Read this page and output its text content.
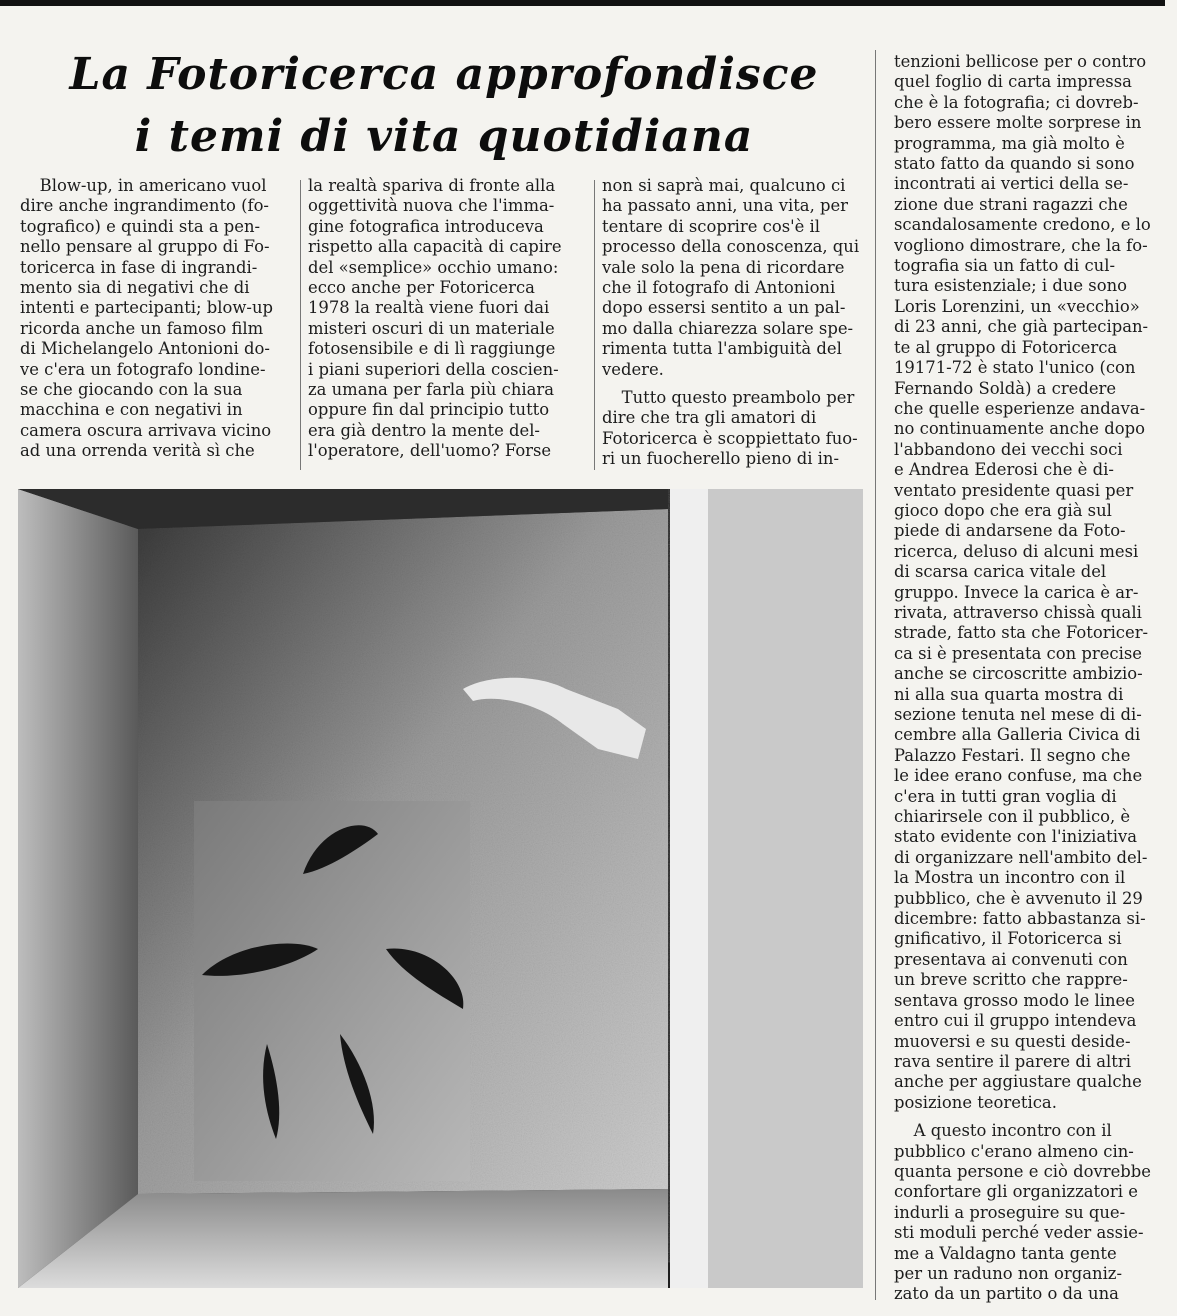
La Fotoricerca approfondisce
i temi di vita quotidiana

Blow-up, in americano vuol
dire anche ingrandimento (fo-
tografico) e quindi sta a pen-
nello pensare al gruppo di Fo-
toricerca in fase di ingrandi-
mento sia di negativi che di
intenti e partecipanti; blow-up
ricorda anche un famoso film
di Michelangelo Antonioni do-
ve c'era un fotografo londine-
se che giocando con la sua
macchina e con negativi in
camera oscura arrivava vicino
ad una orrenda verità sì che

la realtà spariva di fronte alla
oggettività nuova che l'imma-
gine fotografica introduceva
rispetto alla capacità di capire
del «semplice» occhio umano:
ecco anche per Fotoricerca
1978 la realtà viene fuori dai
misteri oscuri di un materiale
fotosensibile e di lì raggiunge
i piani superiori della coscien-
za umana per farla più chiara
oppure fin dal principio tutto
era già dentro la mente del-
l'operatore, dell'uomo? Forse

non si saprà mai, qualcuno ci
ha passato anni, una vita, per
tentare di scoprire cos'è il
processo della conoscenza, qui
vale solo la pena di ricordare
che il fotografo di Antonioni
dopo essersi sentito a un pal-
mo dalla chiarezza solare spe-
rimenta tutta l'ambiguità del
vedere.

Tutto questo preambolo per
dire che tra gli amatori di
Fotoricerca è scoppiettato fuo-
ri un fuocherello pieno di in-

tenzioni bellicose per o contro
quel foglio di carta impressa
che è la fotografia; ci dovreb-
bero essere molte sorprese in
programma, ma già molto è
stato fatto da quando si sono
incontrati ai vertici della se-
zione due strani ragazzi che
scandalosamente credono, e lo
vogliono dimostrare, che la fo-
tografia sia un fatto di cul-
tura esistenziale; i due sono
Loris Lorenzini, un «vecchio»
di 23 anni, che già partecipan-
te al gruppo di Fotoricerca
19171-72 è stato l'unico (con
Fernando Soldà) a credere
che quelle esperienze andava-
no continuamente anche dopo
l'abbandono dei vecchi soci
e Andrea Ederosi che è di-
ventato presidente quasi per
gioco dopo che era già sul
piede di andarsene da Foto-
ricerca, deluso di alcuni mesi
di scarsa carica vitale del
gruppo. Invece la carica è ar-
rivata, attraverso chissà quali
strade, fatto sta che Fotoricer-
ca si è presentata con precise
anche se circoscritte ambizio-
ni alla sua quarta mostra di
sezione tenuta nel mese di di-
cembre alla Galleria Civica di
Palazzo Festari. Il segno che
le idee erano confuse, ma che
c'era in tutti gran voglia di
chiarirsele con il pubblico, è
stato evidente con l'iniziativa
di organizzare nell'ambito del-
la Mostra un incontro con il
pubblico, che è avvenuto il 29
dicembre: fatto abbastanza si-
gnificativo, il Fotoricerca si
presentava ai convenuti con
un breve scritto che rappre-
sentava grosso modo le linee
entro cui il gruppo intendeva
muoversi e su questi deside-
rava sentire il parere di altri
anche per aggiustare qualche
posizione teoretica.

A questo incontro con il
pubblico c'erano almeno cin-
quanta persone e ciò dovrebbe
confortare gli organizzatori e
indurli a proseguire su que-
sti moduli perché veder assie-
me a Valdagno tanta gente
per un raduno non organiz-
zato da un partito o da una
